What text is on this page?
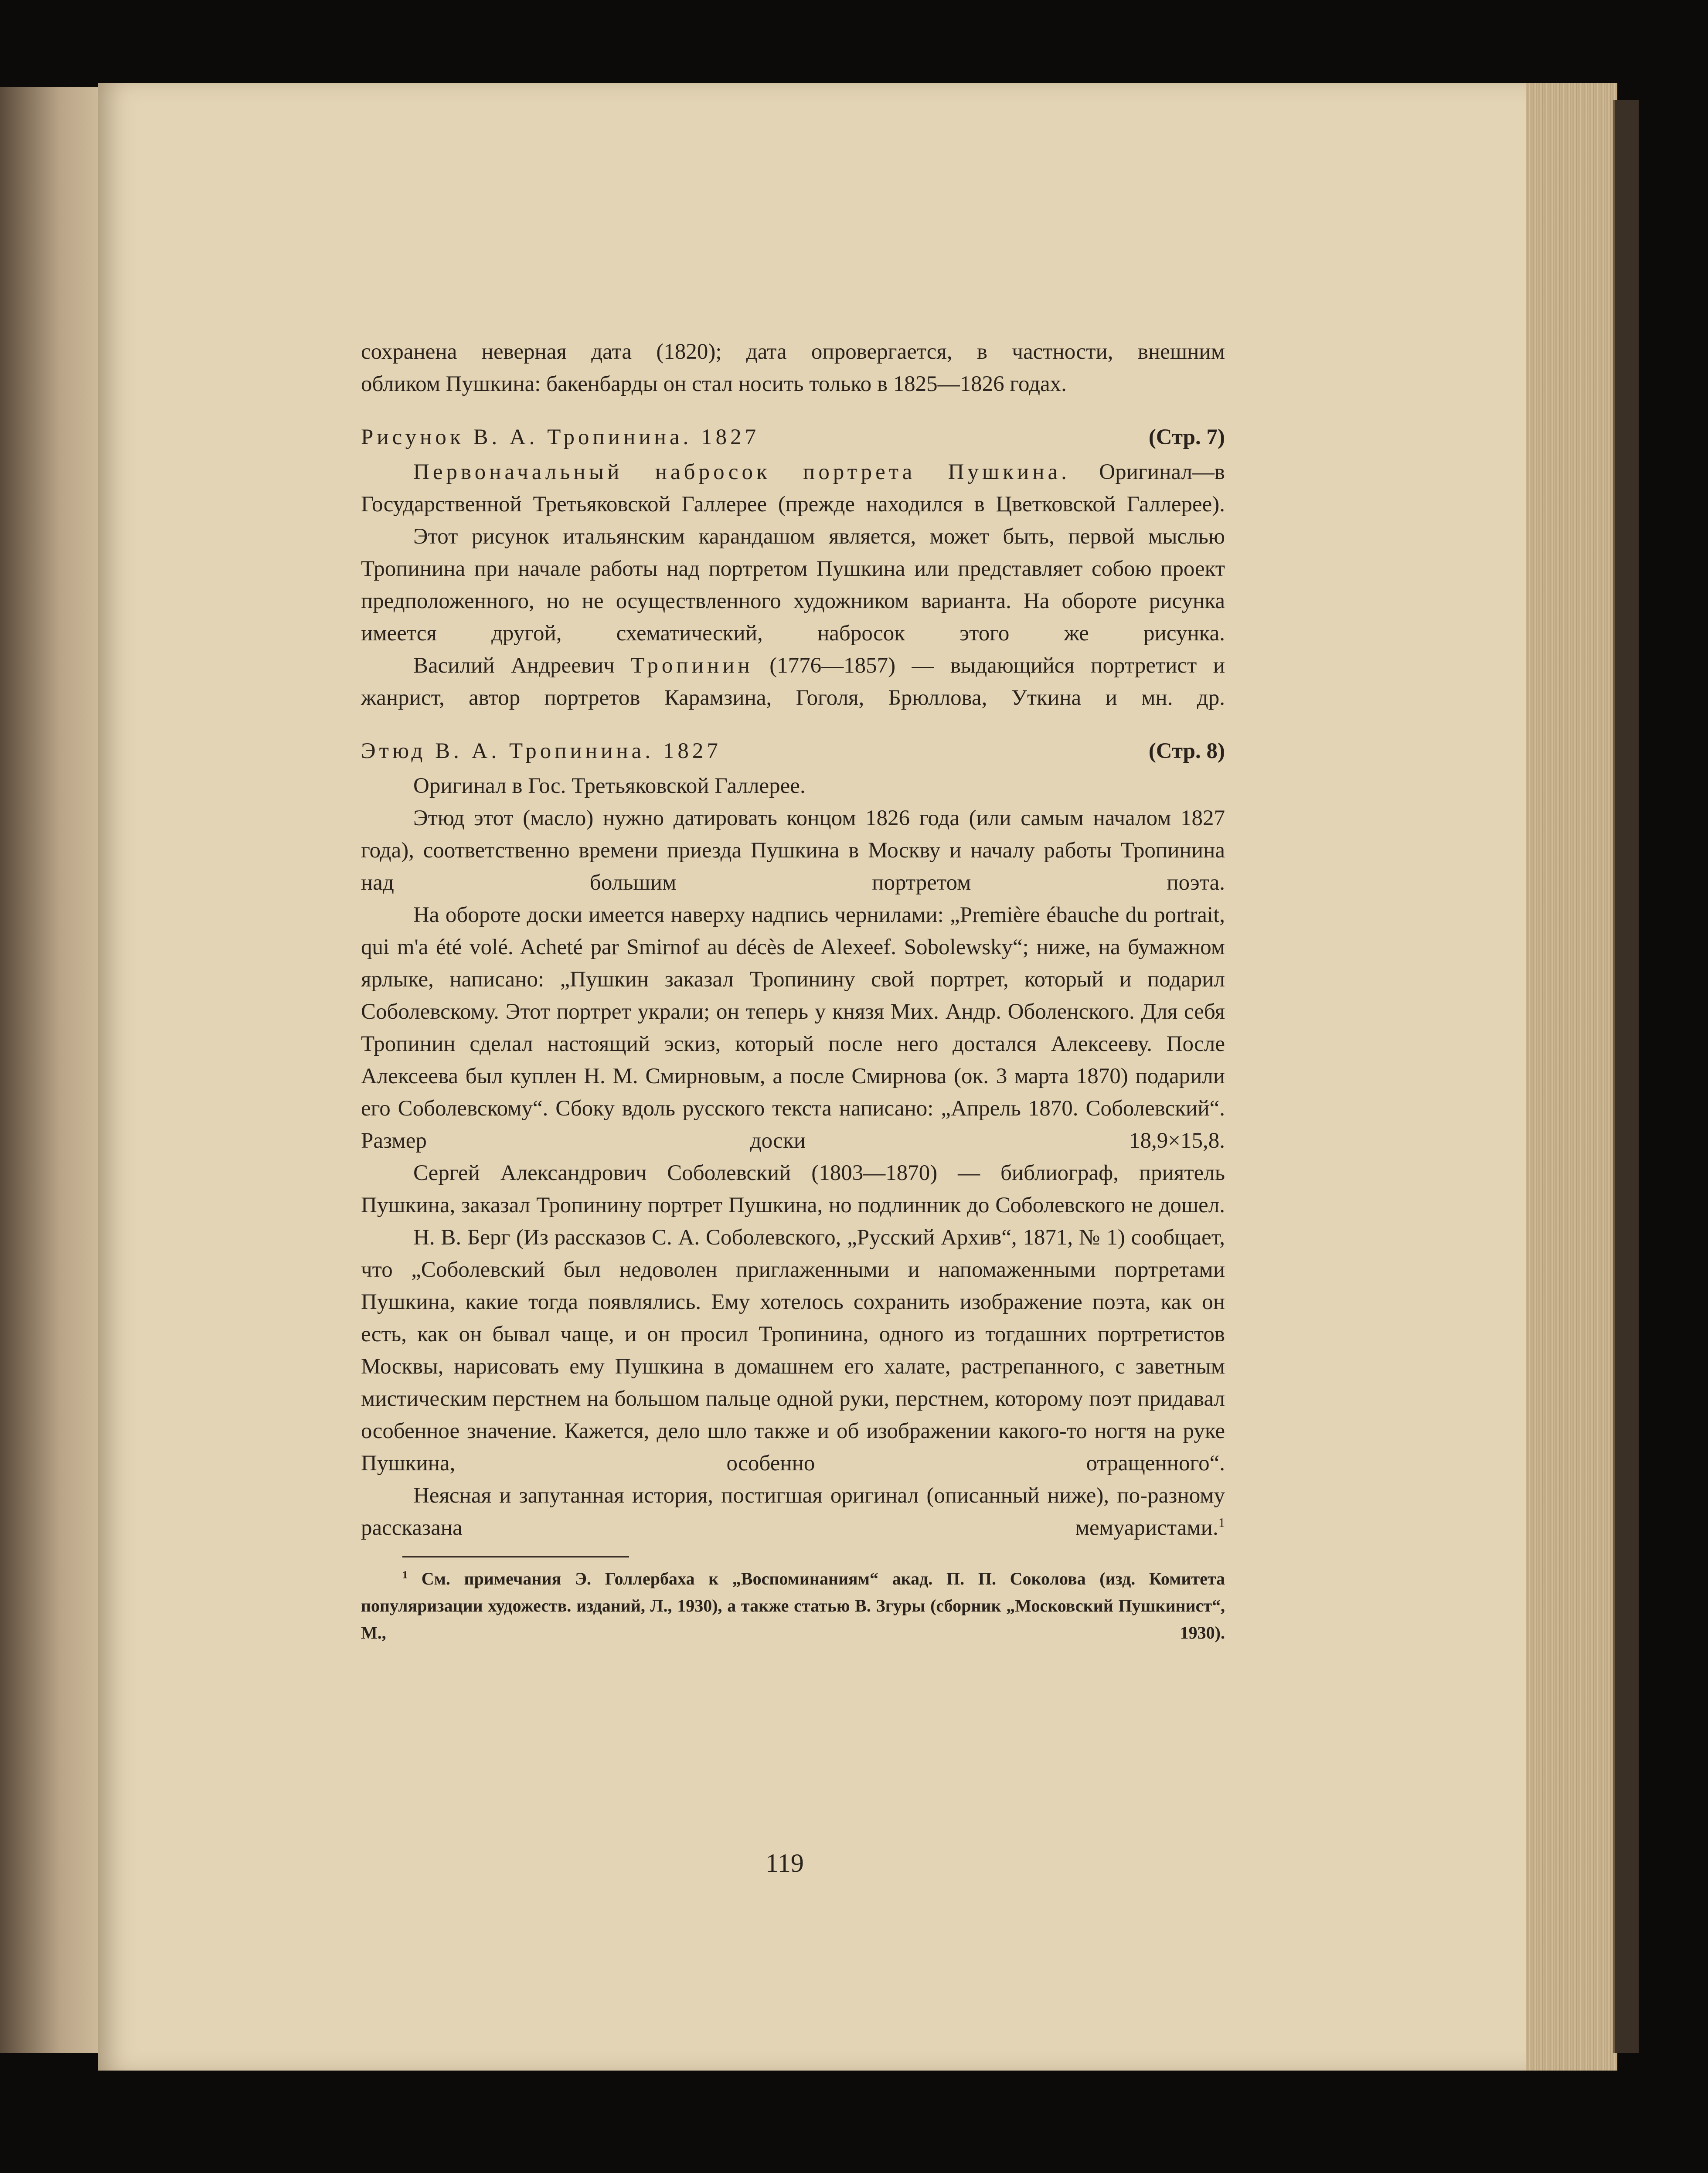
сохранена неверная дата (1820); дата опровергается, в частности, внешним

обликом Пушкина: бакенбарды он стал носить только в 1825—1826 годах.

Рисунок В. А. Тропинина. 1827	(Стр. 7)

Первоначальный набросок портрета Пушкина. Оригинал—в Государственной Третьяковской Галлерее (прежде находился в Цветковской Галлерее).

Этот рисунок итальянским карандашом является, может быть, первой мыслью Тропинина при начале работы над портретом Пушкина или представляет собою проект предположенного, но не осуществленного художником варианта. На обороте рисунка имеется другой, схематический, набросок этого же рисунка.

Василий Андреевич Тропинин (1776—1857) — выдающийся портретист и жанрист, автор портретов Карамзина, Гоголя, Брюллова, Уткина и мн. др.

Этюд В. А. Тропинина. 1827	(Стр. 8)

Оригинал в Гос. Третьяковской Галлерее.

Этюд этот (масло) нужно датировать концом 1826 года (или самым началом 1827 года), соответственно времени приезда Пушкина в Москву и началу работы Тропинина над большим портретом поэта.

На обороте доски имеется наверху надпись чернилами: „Première ébauche du portrait, qui m'a été volé. Acheté par Smirnof au décès de Alexeef. Sobolewsky“; ниже, на бумажном ярлыке, написано: „Пушкин заказал Тропинину свой портрет, который и подарил Соболевскому. Этот портрет украли; он теперь у князя Мих. Андр. Оболенского. Для себя Тропинин сделал настоящий эскиз, который после него достался Алексееву. После Алексеева был куплен Н. М. Смирновым, а после Смирнова (ок. 3 марта 1870) подарили его Соболевскому“. Сбоку вдоль русского текста написано: „Апрель 1870. Соболевский“. Размер доски 18,9×15,8.

Сергей Александрович Соболевский (1803—1870) — библиограф, приятель Пушкина, заказал Тропинину портрет Пушкина, но подлинник до Соболевского не дошел.

Н. В. Берг (Из рассказов С. А. Соболевского, „Русский Архив“, 1871, № 1) сообщает, что „Соболевский был недоволен приглаженными и напомаженными портретами Пушкина, какие тогда появлялись. Ему хотелось сохранить изображение поэта, как он есть, как он бывал чаще, и он просил Тропинина, одного из тогдашних портретистов Москвы, нарисовать ему Пушкина в домашнем его халате, растрепанного, с заветным мистическим перстнем на большом пальце одной руки, перстнем, которому поэт придавал особенное значение. Кажется, дело шло также и об изображении какого-то ногтя на руке Пушкина, особенно отращенного“.

Неясная и запутанная история, постигшая оригинал (описанный ниже), по-разному рассказана мемуаристами.$^1$

$^1$ См. примечания Э. Голлербаха к „Воспоминаниям“ акад. П. П. Соколова (изд. Комитета популяризации художеств. изданий, Л., 1930), а также статью В. Згуры (сборник „Московский Пушкинист“, М., 1930).

119
